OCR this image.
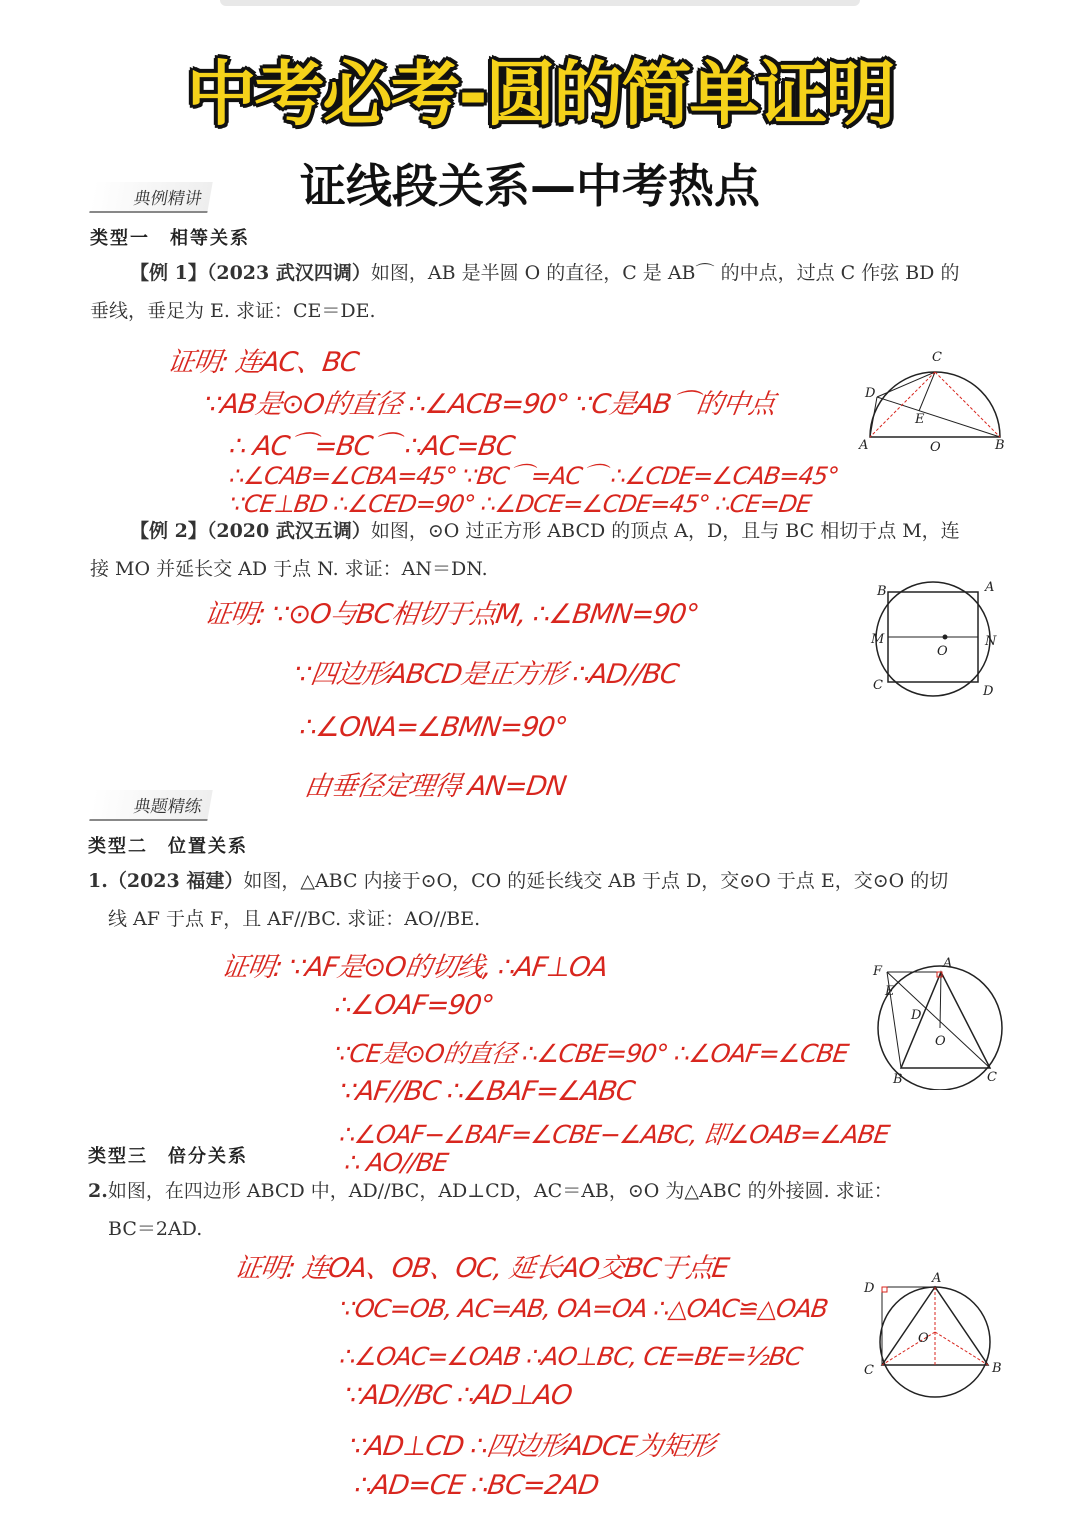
中考必考-圆的简单证明
证线段关系—中考热点
典例精讲
类型一　相等关系
【例 1】（2023 武汉四调）如图，AB 是半圆 O 的直径，C 是 AB⌒ 的中点，过点 C 作弦 BD 的
垂线，垂足为 E. 求证：CE＝DE.
证明: 连AC、BC
∵AB是⊙O的直径 ∴∠ACB=90° ∵C是AB⌒的中点
∴ AC⌒=BC⌒ ∴AC=BC
∴∠CAB=∠CBA=45° ∵BC⌒=AC⌒ ∴∠CDE=∠CAB=45°
∵CE⊥BD ∴∠CED=90° ∴∠DCE=∠CDE=45° ∴CE=DE
C
D
E
A	O	B
【例 2】（2020 武汉五调）如图，⊙O 过正方形 ABCD 的顶点 A，D，且与 BC 相切于点 M，连
接 MO 并延长交 AD 于点 N. 求证：AN＝DN.
证明: ∵⊙O与BC相切于点M, ∴∠BMN=90°
∵四边形ABCD是正方形 ∴AD//BC
∴∠ONA=∠BMN=90°
由垂径定理得 AN=DN
B	A
M	N
O
C	D
典题精练
类型二　位置关系
1.（2023 福建）如图，△ABC 内接于⊙O，CO 的延长线交 AB 于点 D，交⊙O 于点 E，交⊙O 的切
线 AF 于点 F，且 AF//BC. 求证：AO//BE.
证明: ∵AF是⊙O的切线, ∴AF⊥OA
∴∠OAF=90°
∵CE是⊙O的直径 ∴∠CBE=90° ∴∠OAF=∠CBE
∵AF//BC ∴∠BAF=∠ABC
∴∠OAF−∠BAF=∠CBE−∠ABC, 即∠OAB=∠ABE
∴ AO//BE
F
A
E
D
O
B	C
类型三　倍分关系
2.如图，在四边形 ABCD 中，AD//BC，AD⊥CD，AC＝AB，⊙O 为△ABC 的外接圆. 求证：
BC＝2AD.
证明: 连OA、OB、OC, 延长AO交BC于点E
∵OC=OB, AC=AB, OA=OA ∴△OAC≌△OAB
∴∠OAC=∠OAB ∴AO⊥BC, CE=BE=½BC
∵AD//BC ∴AD⊥AO
∵AD⊥CD ∴四边形ADCE为矩形
∴AD=CE ∴BC=2AD
D
A
O
C	B
